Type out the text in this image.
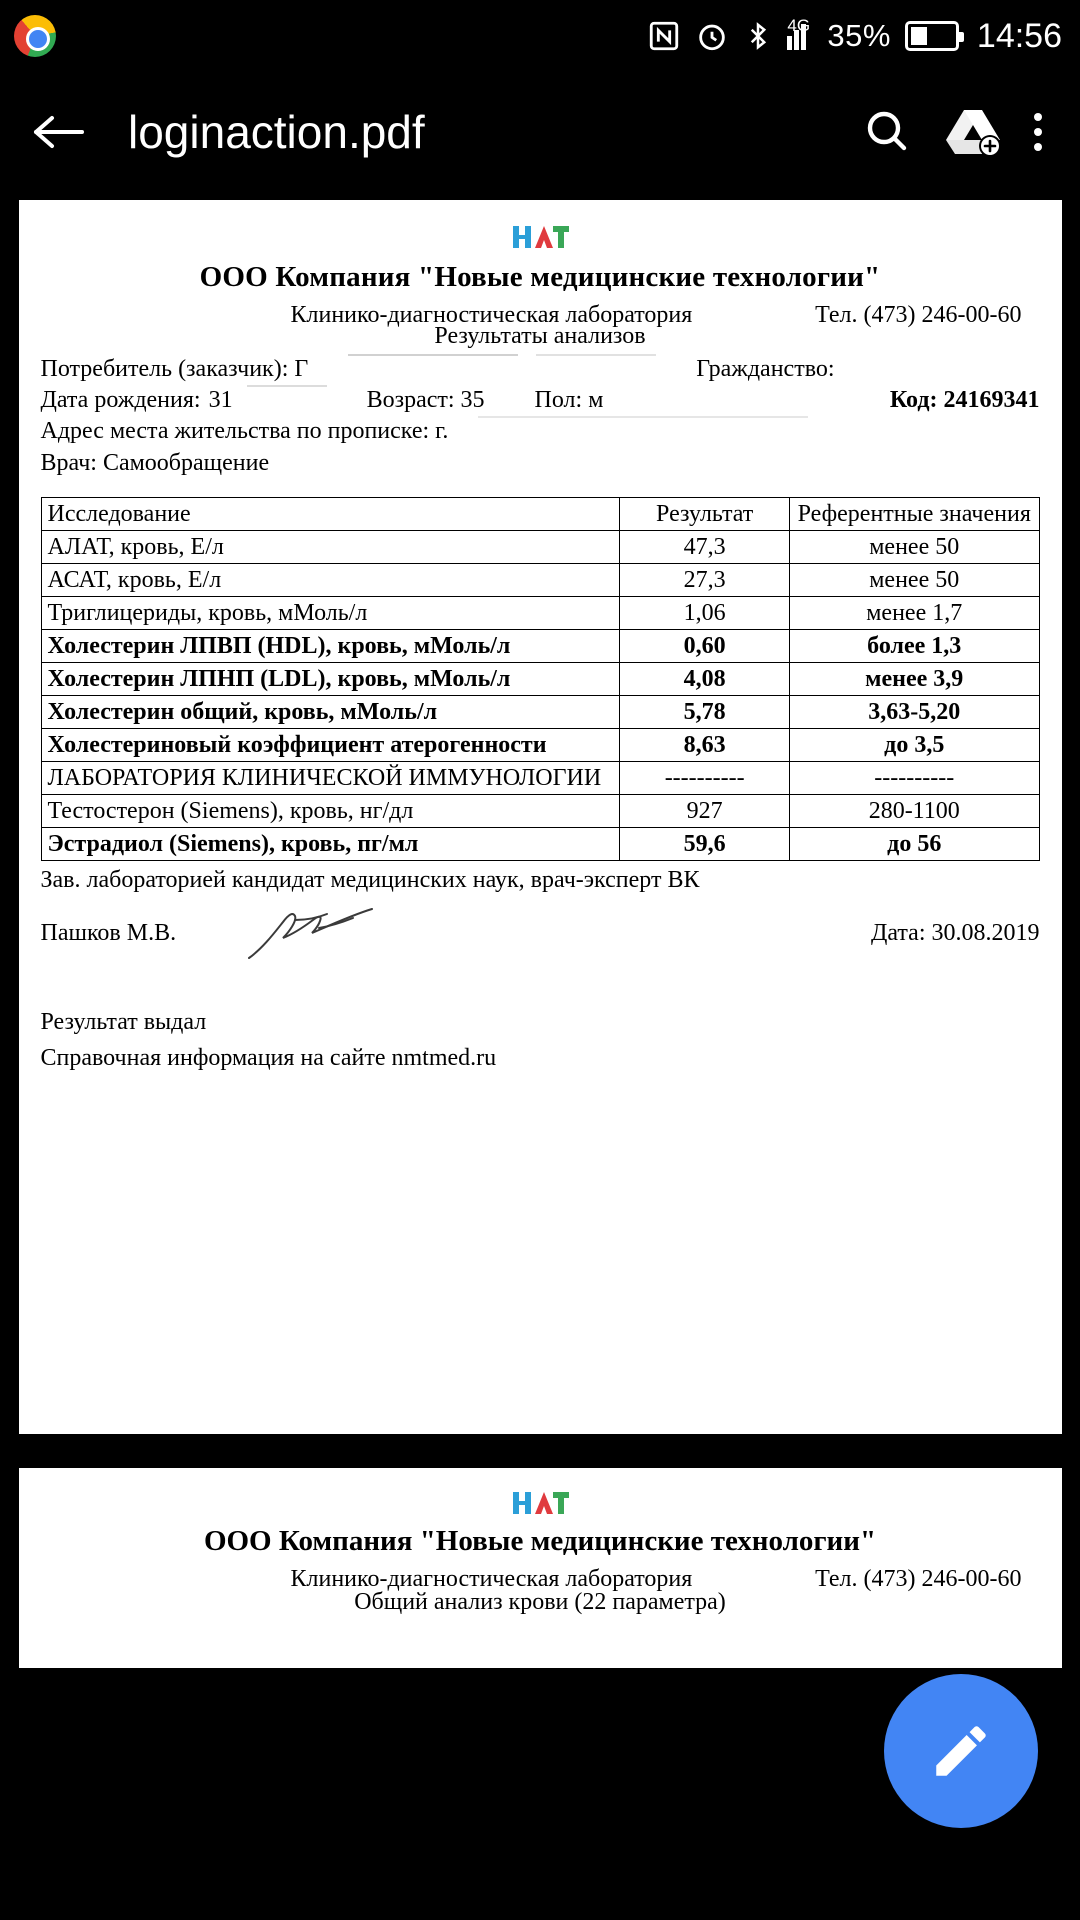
4G 35%	14:56
loginaction.pdf
ООО Компания "Новые медицинские технологии"
Клинико-диагностическая лаборатория	Тел. (473) 246-00-60
Результаты анализов
Потребитель (заказчик): Г	Гражданство:
Дата рождения: 31	Возраст: 35 Пол: м	Код: 24169341
Адрес места жительства по прописке: г.
Врач: Самообращение
Исследование	Результат	Референтные значения
АЛАТ, кровь, Е/л	47,3	менее 50
АСАТ, кровь, Е/л	27,3	менее 50
Триглицериды, кровь, мМоль/л	1,06	менее 1,7
Холестерин ЛПВП (HDL), кровь, мМоль/л	0,60	более 1,3
Холестерин ЛПНП (LDL), кровь, мМоль/л	4,08	менее 3,9
Холестерин общий, кровь, мМоль/л	5,78	3,63-5,20
Холестериновый коэффициент атерогенности	8,63	до 3,5
ЛАБОРАТОРИЯ КЛИНИЧЕСКОЙ ИММУНОЛОГИИ	----------	----------
Тестостерон (Siemens), кровь, нг/дл	927	280-1100
Эстрадиол (Siemens), кровь, пг/мл	59,6	до 56
Зав. лабораторией кандидат медицинских наук, врач-эксперт ВК
Пашков М.В.	Дата: 30.08.2019
Результат выдал
Справочная информация на сайте nmtmed.ru
ООО Компания "Новые медицинские технологии"
Клинико-диагностическая лаборатория	Тел. (473) 246-00-60
Общий анализ крови (22 параметра)
